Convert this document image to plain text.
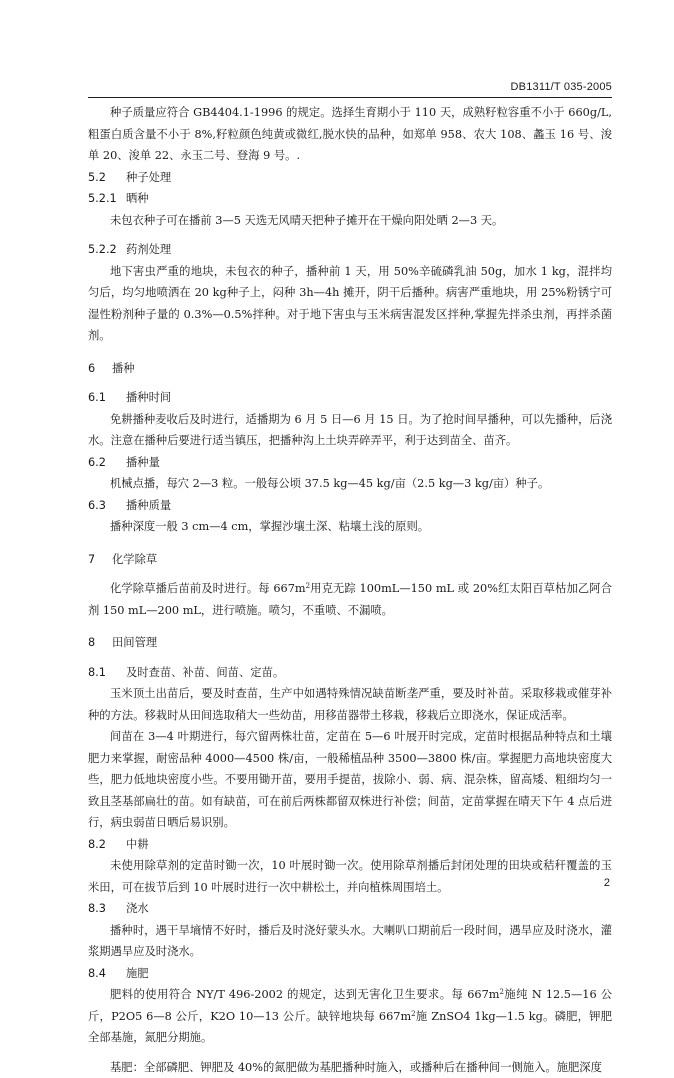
DB1311/T 035-2005

种子质量应符合 GB4404.1-1996 的规定。选择生育期小于 110 天，成熟籽粒容重不小于 660g/L,粗蛋白质含量不小于 8%,籽粒颜色纯黄或微红,脱水快的品种，如郑单 958、农大 108、蠡玉 16 号、浚单 20、浚单 22、永玉二号、登海 9 号。.

5.2 种子处理
5.2.1 晒种

未包衣种子可在播前 3—5 天选无风晴天把种子摊开在干燥向阳处晒 2—3 天。

5.2.2 药剂处理

地下害虫严重的地块，未包衣的种子，播种前 1 天，用 50%辛硫磷乳油 50g，加水 1 kg，混拌均匀后，均匀地喷洒在 20 kg种子上，闷种 3h—4h 摊开，阴干后播种。病害严重地块，用 25%粉锈宁可湿性粉剂种子量的 0.3%—0.5%拌种。对于地下害虫与玉米病害混发区拌种,掌握先拌杀虫剂，再拌杀菌剂。

6 播种
6.1 播种时间

免耕播种麦收后及时进行，适播期为 6 月 5 日—6 月 15 日。为了抢时间早播种，可以先播种，后浇水。注意在播种后要进行适当镇压，把播种沟上土块弄碎弄平，利于达到苗全、苗齐。

6.2 播种量

机械点播，每穴 2—3 粒。一般每公顷 37.5 kg—45 kg/亩（2.5 kg—3 kg/亩）种子。

6.3 播种质量

播种深度一般 3 cm—4 cm，掌握沙壤土深、粘壤土浅的原则。

7 化学除草

化学除草播后苗前及时进行。每 $667m^2$用克无踪 100mL—150 mL 或 20%红太阳百草枯加乙阿合剂 150 mL—200 mL，进行喷施。喷匀，不重喷、不漏喷。

8 田间管理
8.1 及时查苗、补苗、间苗、定苗。

玉米顶土出苗后，要及时查苗，生产中如遇特殊情况缺苗断垄严重，要及时补苗。采取移栽或催芽补种的方法。移栽时从田间选取稍大一些幼苗，用移苗器带土移栽，移栽后立即浇水，保证成活率。

间苗在 3—4 叶期进行，每穴留两株壮苗，定苗在 5—6 叶展开时完成，定苗时根据品种特点和土壤肥力来掌握，耐密品种 4000—4500 株/亩，一般稀植品种 3500—3800 株/亩。掌握肥力高地块密度大些，肥力低地块密度小些。不要用锄开苗，要用手提苗，拔除小、弱、病、混杂株，留高矮、粗细均匀一致且茎基部扁壮的苗。如有缺苗，可在前后两株都留双株进行补偿；间苗，定苗掌握在晴天下午 4 点后进行，病虫弱苗日晒后易识别。

8.2 中耕

未使用除草剂的定苗时锄一次，10 叶展时锄一次。使用除草剂播后封闭处理的田块或秸秆覆盖的玉米田，可在拔节后到 10 叶展时进行一次中耕松土，并向植株周围培土。

8.3 浇水

播种时，遇干旱墒情不好时，播后及时浇好蒙头水。大喇叭口期前后一段时间，遇旱应及时浇水，灌浆期遇旱应及时浇水。

8.4 施肥

肥料的使用符合 NY/T 496-2002 的规定，达到无害化卫生要求。每 $667m^2$施纯 N 12.5—16 公斤，P2O5 6—8 公斤，K2O 10—13 公斤。缺锌地块每 $667m^2$施 ZnSO4 1kg—1.5 kg。磷肥，钾肥全部基施，氮肥分期施。

基肥：全部磷肥、钾肥及 40%的氮肥做为基肥播种时施入，或播种后在播种间一侧施入。施肥深度

2
